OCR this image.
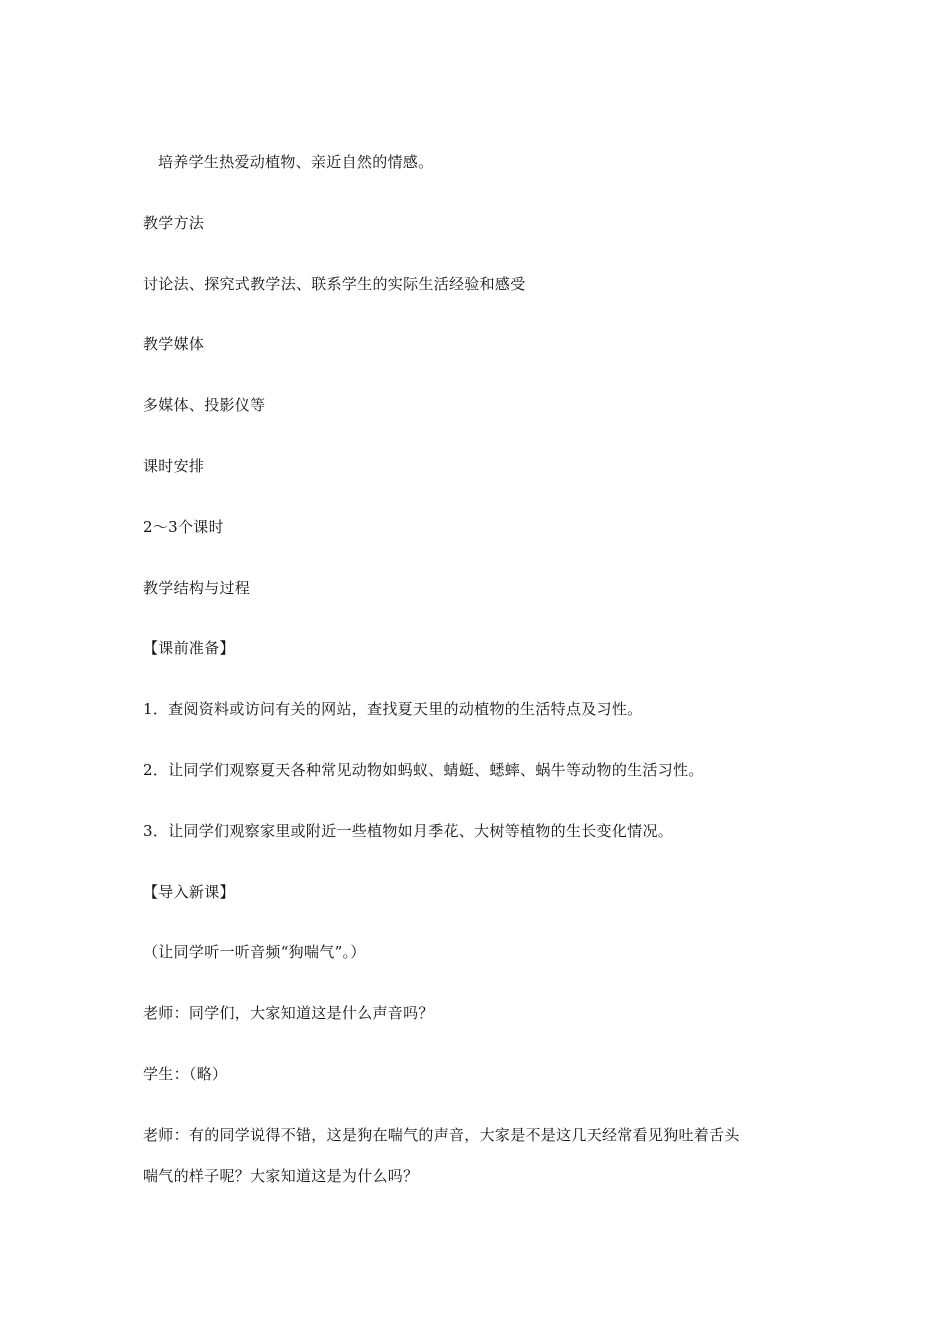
培养学生热爱动植物、亲近自然的情感。
教学方法
讨论法、探究式教学法、联系学生的实际生活经验和感受
教学媒体
多媒体、投影仪等
课时安排
2～3个课时
教学结构与过程
【课前准备】
1．查阅资料或访问有关的网站，查找夏天里的动植物的生活特点及习性。
2．让同学们观察夏天各种常见动物如蚂蚁、蜻蜓、蟋蟀、蜗牛等动物的生活习性。
3．让同学们观察家里或附近一些植物如月季花、大树等植物的生长变化情况。
【导入新课】
（让同学听一听音频“狗喘气”。）
老师：同学们，大家知道这是什么声音吗？
学生：（略）
老师：有的同学说得不错，这是狗在喘气的声音，大家是不是这几天经常看见狗吐着舌头
喘气的样子呢？大家知道这是为什么吗？
